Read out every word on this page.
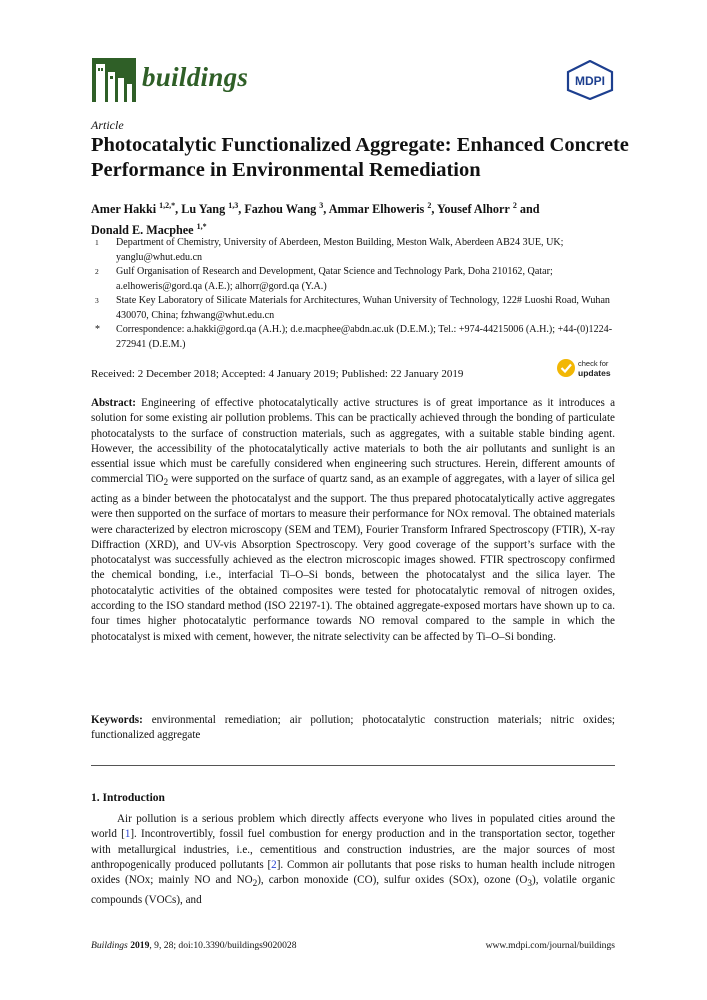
buildings	MDPI
Article
Photocatalytic Functionalized Aggregate: Enhanced Concrete Performance in Environmental Remediation
Amer Hakki $^{1,2,*}$, Lu Yang $^{1,3}$, Fazhou Wang $^3$, Ammar Elhoweris $^2$, Yousef Alhorr $^2$ and
Donald E. Macphee $^{1,*}$
1 Department of Chemistry, University of Aberdeen, Meston Building, Meston Walk, Aberdeen AB24 3UE, UK; yanglu@whut.edu.cn
2 Gulf Organisation of Research and Development, Qatar Science and Technology Park, Doha 210162, Qatar; a.elhoweris@gord.qa (A.E.); alhorr@gord.qa (Y.A.)
3 State Key Laboratory of Silicate Materials for Architectures, Wuhan University of Technology, 122# Luoshi Road, Wuhan 430070, China; fzhwang@whut.edu.cn
* Correspondence: a.hakki@gord.qa (A.H.); d.e.macphee@abdn.ac.uk (D.E.M.); Tel.: +974-44215006 (A.H.); +44-(0)1224-272941 (D.E.M.)
check for
updates
Received: 2 December 2018; Accepted: 4 January 2019; Published: 22 January 2019
Abstract: Engineering of effective photocatalytically active structures is of great importance as it introduces a solution for some existing air pollution problems. This can be practically achieved through the bonding of particulate photocatalysts to the surface of construction materials, such as aggregates, with a suitable stable binding agent. However, the accessibility of the photocatalytically active materials to both the air pollutants and sunlight is an essential issue which must be carefully considered when engineering such structures. Herein, different amounts of commercial TiO$_2$ were supported on the surface of quartz sand, as an example of aggregates, with a layer of silica gel acting as a binder between the photocatalyst and the support. The thus prepared photocatalytically active aggregates were then supported on the surface of mortars to measure their performance for NOx removal. The obtained materials were characterized by electron microscopy (SEM and TEM), Fourier Transform Infrared Spectroscopy (FTIR), X-ray Diffraction (XRD), and UV-vis Absorption Spectroscopy. Very good coverage of the support’s surface with the photocatalyst was successfully achieved as the electron microscopic images showed. FTIR spectroscopy confirmed the chemical bonding, i.e., interfacial Ti–O–Si bonds, between the photocatalyst and the silica layer. The photocatalytic activities of the obtained composites were tested for photocatalytic removal of nitrogen oxides, according to the ISO standard method (ISO 22197-1). The obtained aggregate-exposed mortars have shown up to ca. four times higher photocatalytic performance towards NO removal compared to the sample in which the photocatalyst is mixed with cement, however, the nitrate selectivity can be affected by Ti–O–Si bonding.
Keywords: environmental remediation; air pollution; photocatalytic construction materials; nitric oxides; functionalized aggregate
1. Introduction
Air pollution is a serious problem which directly affects everyone who lives in populated cities around the world [1]. Incontrovertibly, fossil fuel combustion for energy production and in the transportation sector, together with metallurgical industries, i.e., cementitious and construction industries, are the major sources of most anthropogenically produced pollutants [2]. Common air pollutants that pose risks to human health include nitrogen oxides (NOx; mainly NO and $NO_2$), carbon monoxide (CO), sulfur oxides (SOx), ozone $(O_3)$, volatile organic compounds (VOCs), and
Buildings 2019, 9, 28; doi:10.3390/buildings9020028	www.mdpi.com/journal/buildings
